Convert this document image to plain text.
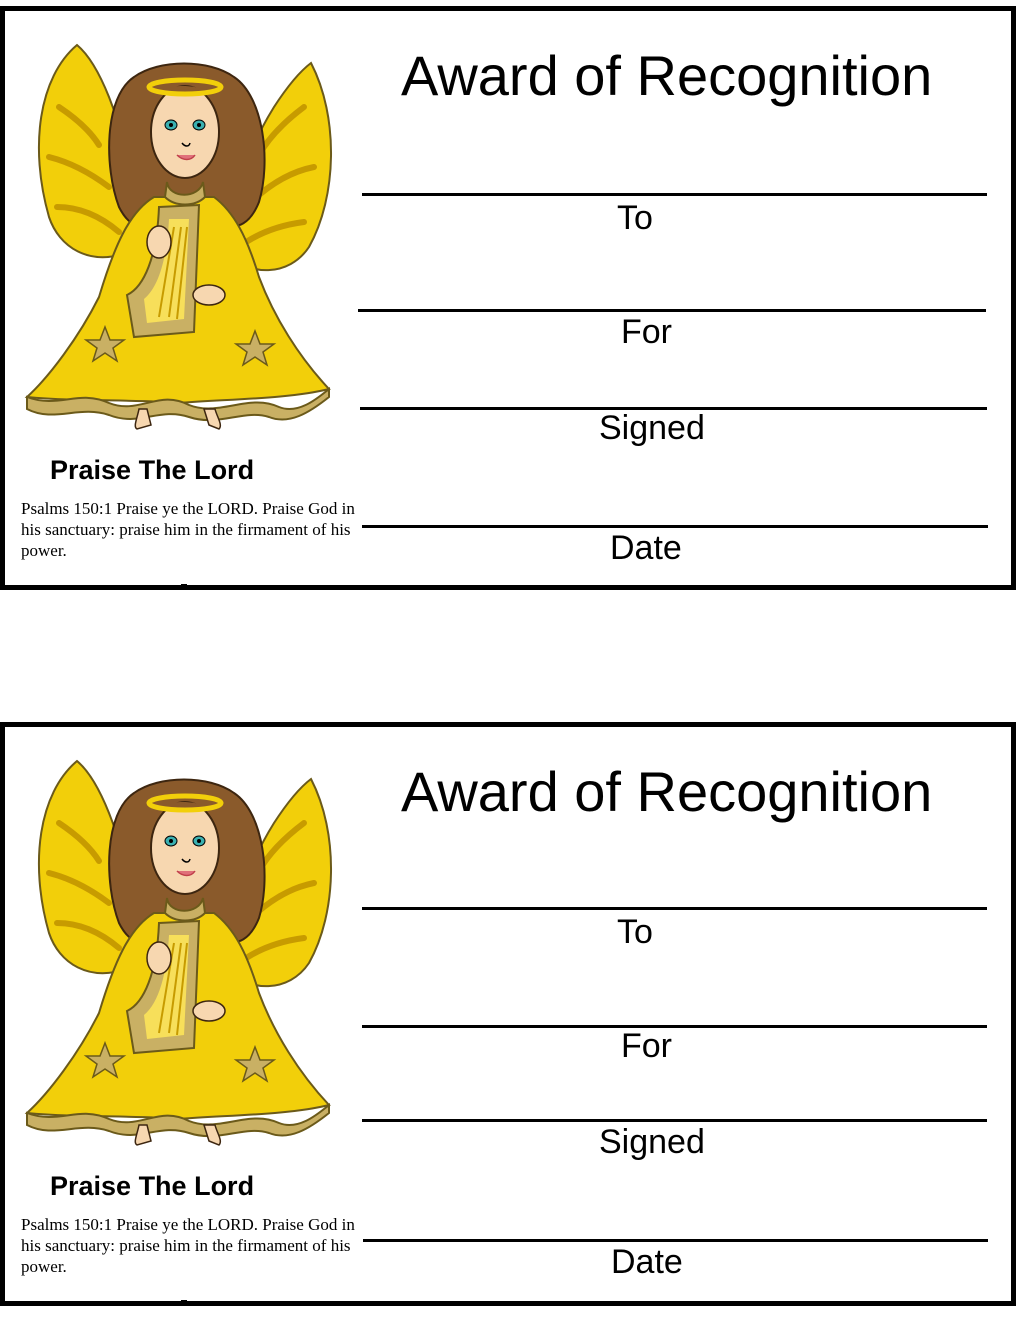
Praise The Lord
Psalms 150:1 Praise ye the LORD. Praise God in his sanctuary: praise him in the firmament of his power.
Award of Recognition
To
For
Signed
Date
Praise The Lord
Psalms 150:1 Praise ye the LORD. Praise God in his sanctuary: praise him in the firmament of his power.
Award of Recognition
To
For
Signed
Date
